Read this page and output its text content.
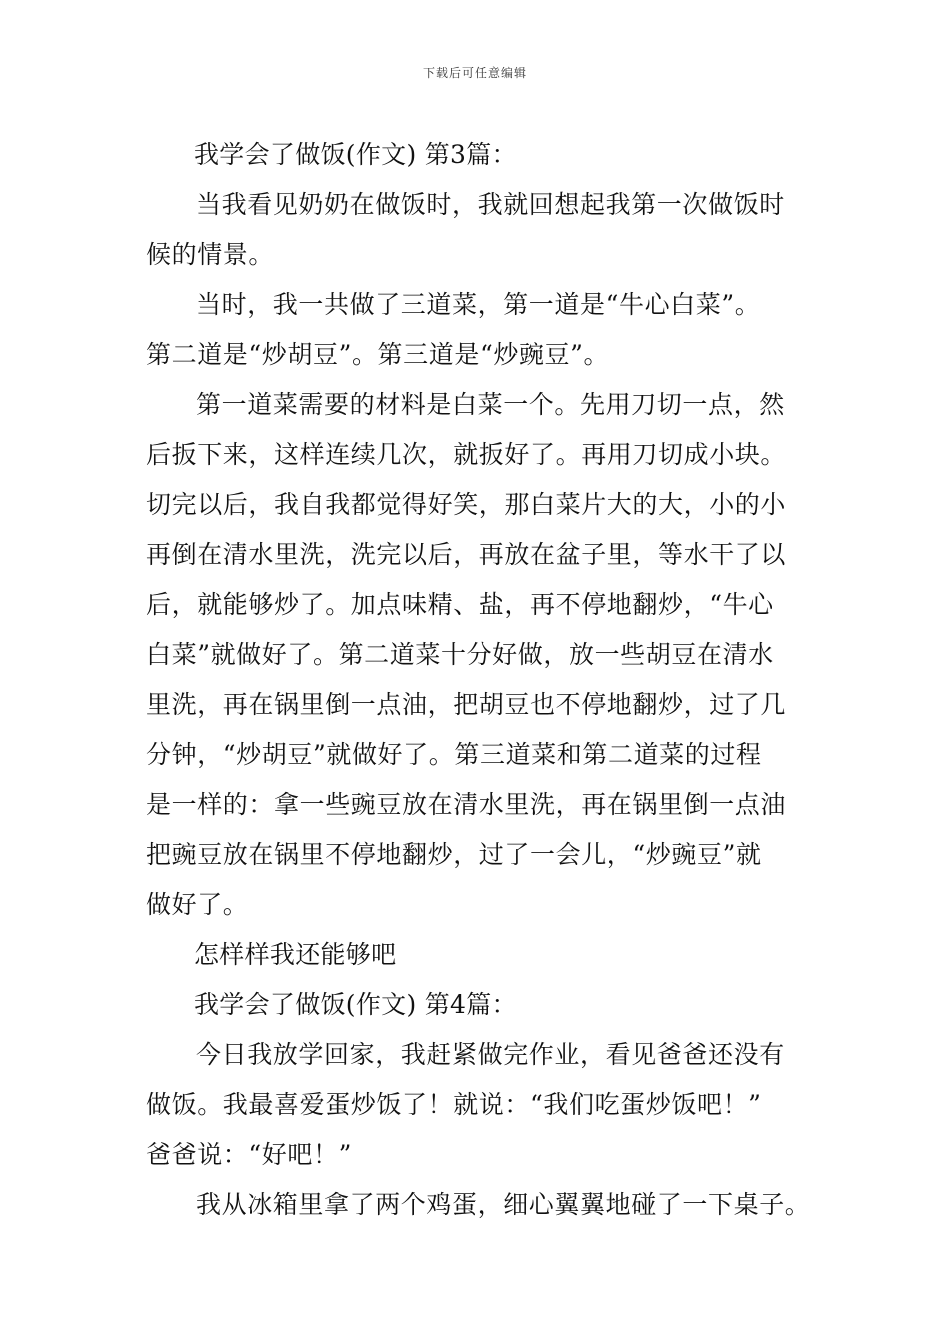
下载后可任意编辑
我学会了做饭(作文) 第3篇：
当我看见奶奶在做饭时，我就回想起我第一次做饭时
候的情景。
当时，我一共做了三道菜，第一道是“牛心白菜”。
第二道是“炒胡豆”。第三道是“炒豌豆”。
第一道菜需要的材料是白菜一个。先用刀切一点，然
后扳下来，这样连续几次，就扳好了。再用刀切成小块。
切完以后，我自我都觉得好笑，那白菜片大的大，小的小
再倒在清水里洗，洗完以后，再放在盆子里，等水干了以
后，就能够炒了。加点味精、盐，再不停地翻炒，“牛心
白菜”就做好了。第二道菜十分好做，放一些胡豆在清水
里洗，再在锅里倒一点油，把胡豆也不停地翻炒，过了几
分钟，“炒胡豆”就做好了。第三道菜和第二道菜的过程
是一样的：拿一些豌豆放在清水里洗，再在锅里倒一点油
把豌豆放在锅里不停地翻炒，过了一会儿，“炒豌豆”就
做好了。
怎样样我还能够吧
我学会了做饭(作文) 第4篇：
今日我放学回家，我赶紧做完作业，看见爸爸还没有
做饭。我最喜爱蛋炒饭了！就说：“我们吃蛋炒饭吧！”
爸爸说：“好吧！”
我从冰箱里拿了两个鸡蛋，细心翼翼地碰了一下桌子。
